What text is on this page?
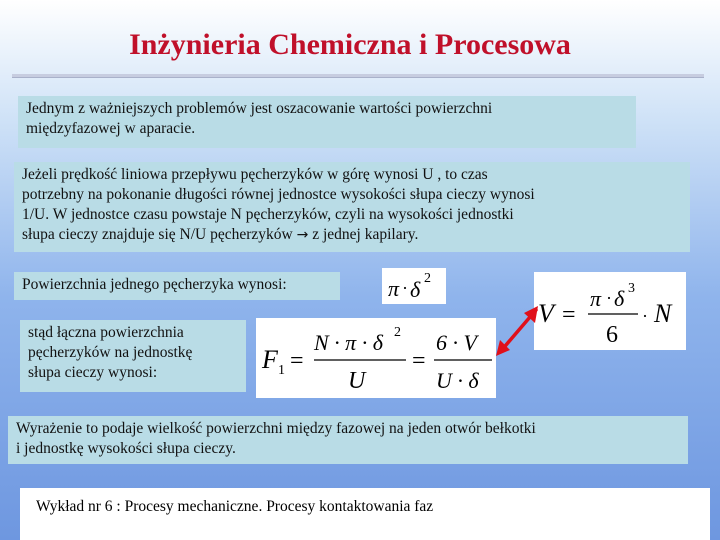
Inżynieria Chemiczna i Procesowa
Jednym z ważniejszych problemów jest oszacowanie wartości powierzchni
międzyfazowej w aparacie.
Jeżeli prędkość liniowa przepływu pęcherzyków w górę wynosi U , to czas
potrzebny na pokonanie długości równej jednostce wysokości słupa cieczy wynosi
1/U. W jednostce czasu powstaje N pęcherzyków, czyli na wysokości jednostki
słupa cieczy znajduje się N/U pęcherzyków → z jednej kapilary.
Powierzchnia jednego pęcherzyka wynosi:	π · δ 2
V =
π · δ 3
6
· N
stąd łączna powierzchnia
pęcherzyków na jednostkę
słupa cieczy wynosi:	F 1 =
N · π · δ 2
U
=
6 · V
U · δ
Wyrażenie to podaje wielkość powierzchni między fazowej na jeden otwór bełkotki
i jednostkę wysokości słupa cieczy.
Wykład nr 6 : Procesy mechaniczne. Procesy kontaktowania faz
